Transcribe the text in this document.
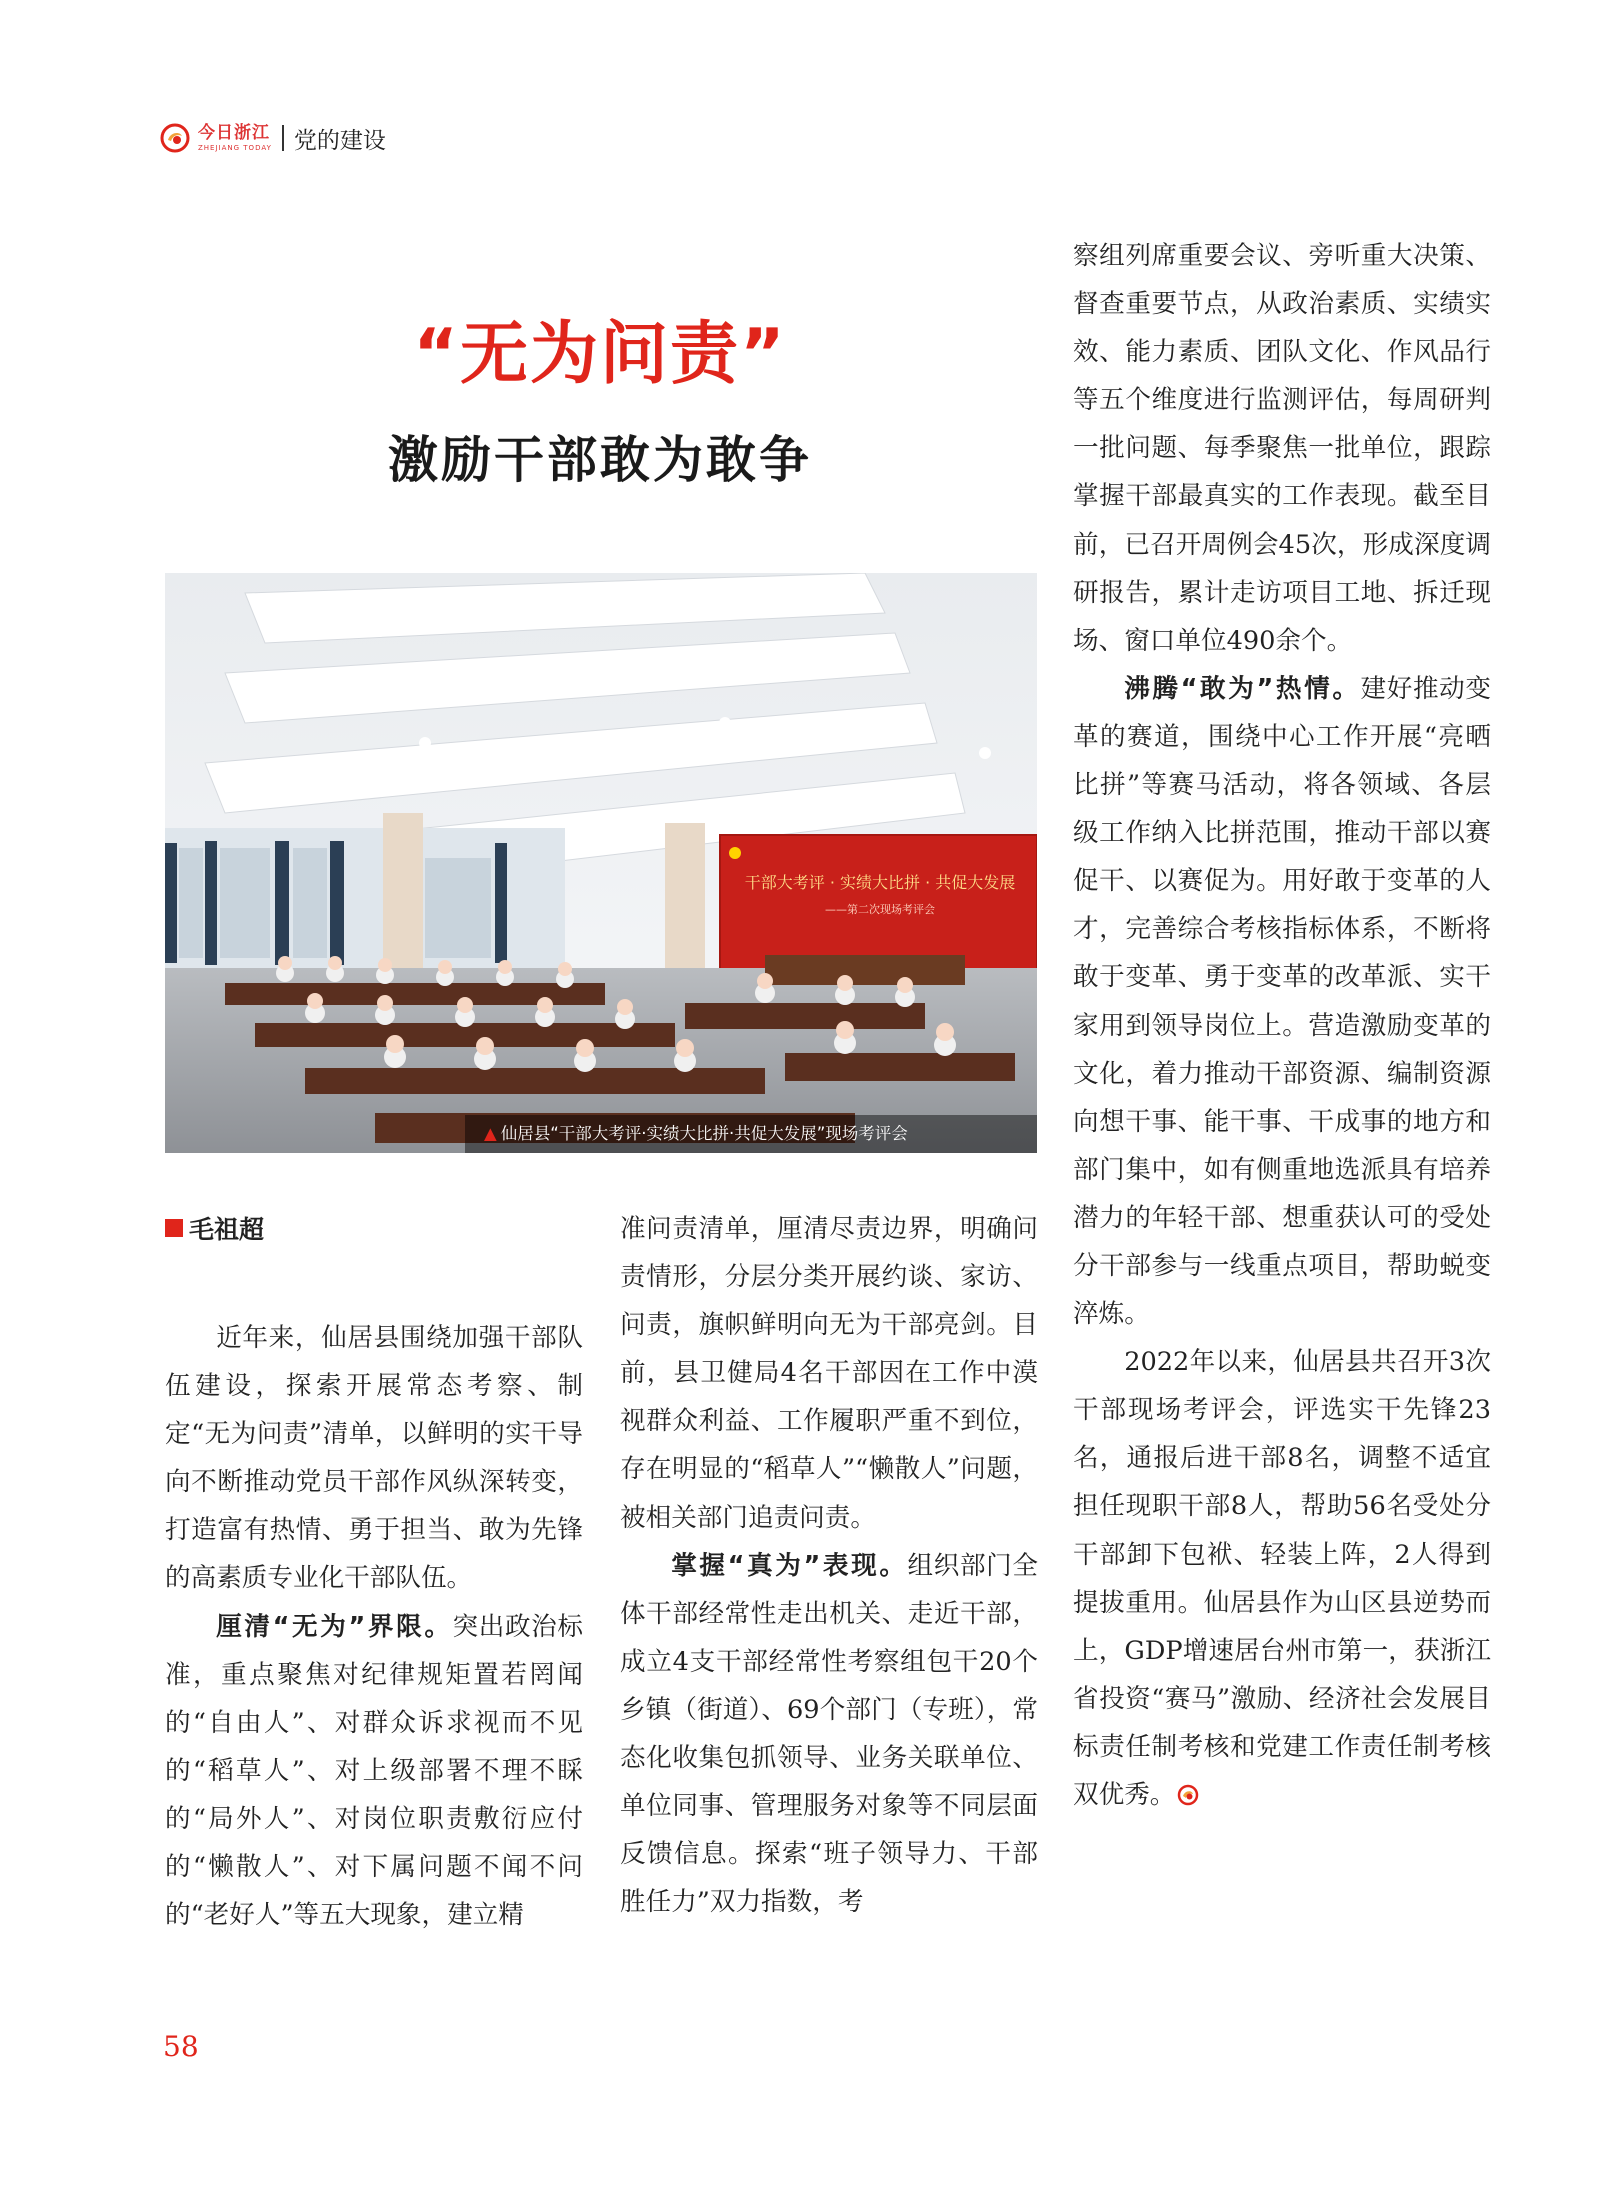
今日浙江
ZHEJIANG TODAY 党的建设
“无为问责”
激励干部敢为敢争
干部大考评 · 实绩大比拼 · 共促大发展
——第二次现场考评会
▲ 仙居县“干部大考评·实绩大比拼·共促大发展”现场考评会
毛祖超

近年来，仙居县围绕加强干部队伍建设，探索开展常态考察、制定“无为问责”清单，以鲜明的实干导向不断推动党员干部作风纵深转变，打造富有热情、勇于担当、敢为先锋的高素质专业化干部队伍。

厘清“无为”界限。突出政治标准，重点聚焦对纪律规矩置若罔闻的“自由人”、对群众诉求视而不见的“稻草人”、对上级部署不理不睬的“局外人”、对岗位职责敷衍应付的“懒散人”、对下属问题不闻不问的“老好人”等五大现象，建立精

准问责清单，厘清尽责边界，明确问责情形，分层分类开展约谈、家访、问责，旗帜鲜明向无为干部亮剑。目前，县卫健局4名干部因在工作中漠视群众利益、工作履职严重不到位，存在明显的“稻草人”“懒散人”问题，被相关部门追责问责。

掌握“真为”表现。组织部门全体干部经常性走出机关、走近干部，成立4支干部经常性考察组包干20个乡镇（街道）、69个部门（专班），常态化收集包抓领导、业务关联单位、单位同事、管理服务对象等不同层面反馈信息。探索“班子领导力、干部胜任力”双力指数，考

察组列席重要会议、旁听重大决策、督查重要节点，从政治素质、实绩实效、能力素质、团队文化、作风品行等五个维度进行监测评估，每周研判一批问题、每季聚焦一批单位，跟踪掌握干部最真实的工作表现。截至目前，已召开周例会45次，形成深度调研报告，累计走访项目工地、拆迁现场、窗口单位490余个。

沸腾“敢为”热情。建好推动变革的赛道，围绕中心工作开展“亮晒比拼”等赛马活动，将各领域、各层级工作纳入比拼范围，推动干部以赛促干、以赛促为。用好敢于变革的人才，完善综合考核指标体系，不断将敢于变革、勇于变革的改革派、实干家用到领导岗位上。营造激励变革的文化，着力推动干部资源、编制资源向想干事、能干事、干成事的地方和部门集中，如有侧重地选派具有培养潜力的年轻干部、想重获认可的受处分干部参与一线重点项目，帮助蜕变淬炼。

2022年以来，仙居县共召开3次干部现场考评会，评选实干先锋23名，通报后进干部8名，调整不适宜担任现职干部8人，帮助56名受处分干部卸下包袱、轻装上阵，2人得到提拔重用。仙居县作为山区县逆势而上，GDP增速居台州市第一，获浙江省投资“赛马”激励、经济社会发展目标责任制考核和党建工作责任制考核双优秀。

58
